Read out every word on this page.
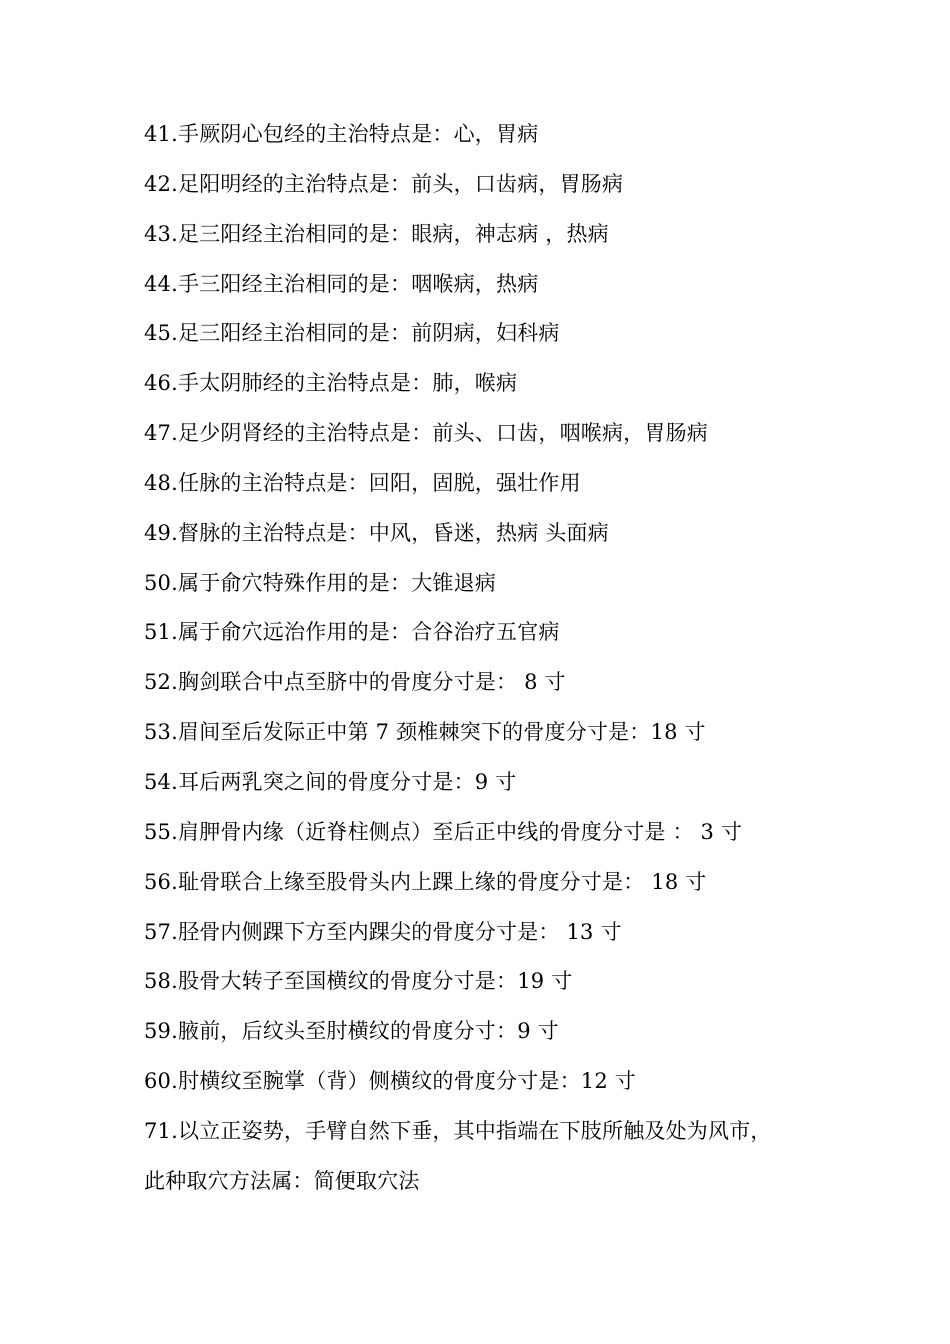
41.手厥阴心包经的主治特点是：心，胃病
42.足阳明经的主治特点是：前头，口齿病，胃肠病
43.足三阳经主治相同的是：眼病，神志病 ，热病
44.手三阳经主治相同的是：咽喉病，热病
45.足三阳经主治相同的是：前阴病，妇科病
46.手太阴肺经的主治特点是：肺，喉病
47.足少阴肾经的主治特点是：前头、口齿，咽喉病，胃肠病
48.任脉的主治特点是：回阳，固脱，强壮作用
49.督脉的主治特点是：中风，昏迷，热病 头面病
50.属于俞穴特殊作用的是：大锥退病
51.属于俞穴远治作用的是：合谷治疗五官病
52.胸剑联合中点至脐中的骨度分寸是： 8 寸
53.眉间至后发际正中第 7 颈椎棘突下的骨度分寸是：18 寸
54.耳后两乳突之间的骨度分寸是：9 寸
55.肩胛骨内缘（近脊柱侧点）至后正中线的骨度分寸是 ： 3 寸
56.耻骨联合上缘至股骨头内上踝上缘的骨度分寸是： 18 寸
57.胫骨内侧踝下方至内踝尖的骨度分寸是： 13 寸
58.股骨大转子至国横纹的骨度分寸是：19 寸
59.腋前，后纹头至肘横纹的骨度分寸：9 寸
60.肘横纹至腕掌（背）侧横纹的骨度分寸是：12 寸
71.以立正姿势，手臂自然下垂，其中指端在下肢所触及处为风市，
此种取穴方法属：简便取穴法
